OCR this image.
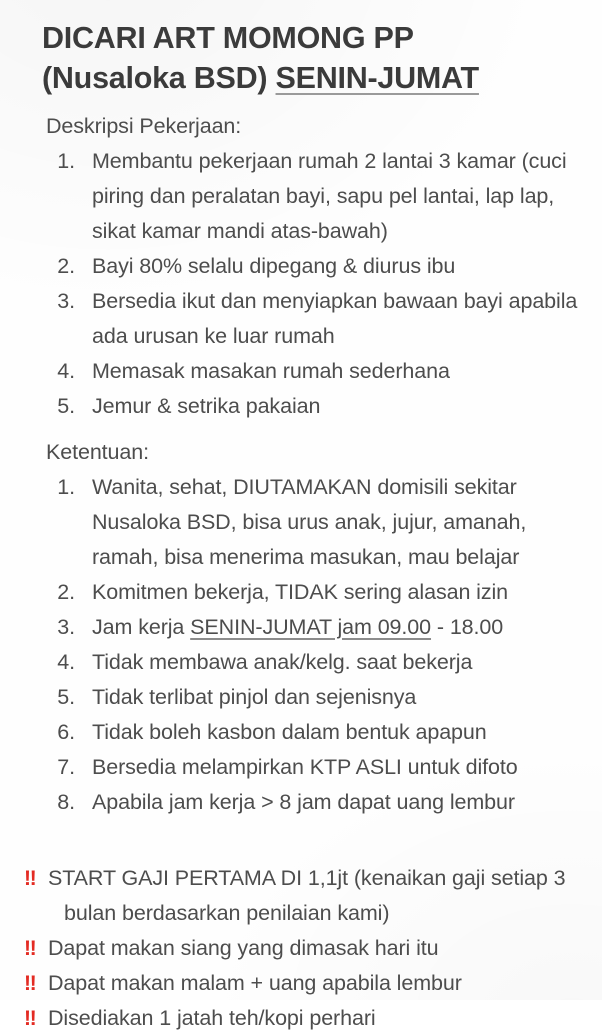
DICARI ART MOMONG PP
(Nusaloka BSD) SENIN-JUMAT
Deskripsi Pekerjaan:
1. Membantu pekerjaan rumah 2 lantai 3 kamar (cuci piring dan peralatan bayi, sapu pel lantai, lap lap, sikat kamar mandi atas-bawah)
2. Bayi 80% selalu dipegang & diurus ibu
3. Bersedia ikut dan menyiapkan bawaan bayi apabila ada urusan ke luar rumah
4. Memasak masakan rumah sederhana
5. Jemur & setrika pakaian
Ketentuan:
1. Wanita, sehat, DIUTAMAKAN domisili sekitar Nusaloka BSD, bisa urus anak, jujur, amanah, ramah, bisa menerima masukan, mau belajar
2. Komitmen bekerja, TIDAK sering alasan izin
3. Jam kerja SENIN-JUMAT jam 09.00 - 18.00
4. Tidak membawa anak/kelg. saat bekerja
5. Tidak terlibat pinjol dan sejenisnya
6. Tidak boleh kasbon dalam bentuk apapun
7. Bersedia melampirkan KTP ASLI untuk difoto
8. Apabila jam kerja > 8 jam dapat uang lembur
‼ START GAJI PERTAMA DI 1,1jt (kenaikan gaji setiap 3 bulan berdasarkan penilaian kami)
‼ Dapat makan siang yang dimasak hari itu
‼ Dapat makan malam + uang apabila lembur
‼ Disediakan 1 jatah teh/kopi perhari
